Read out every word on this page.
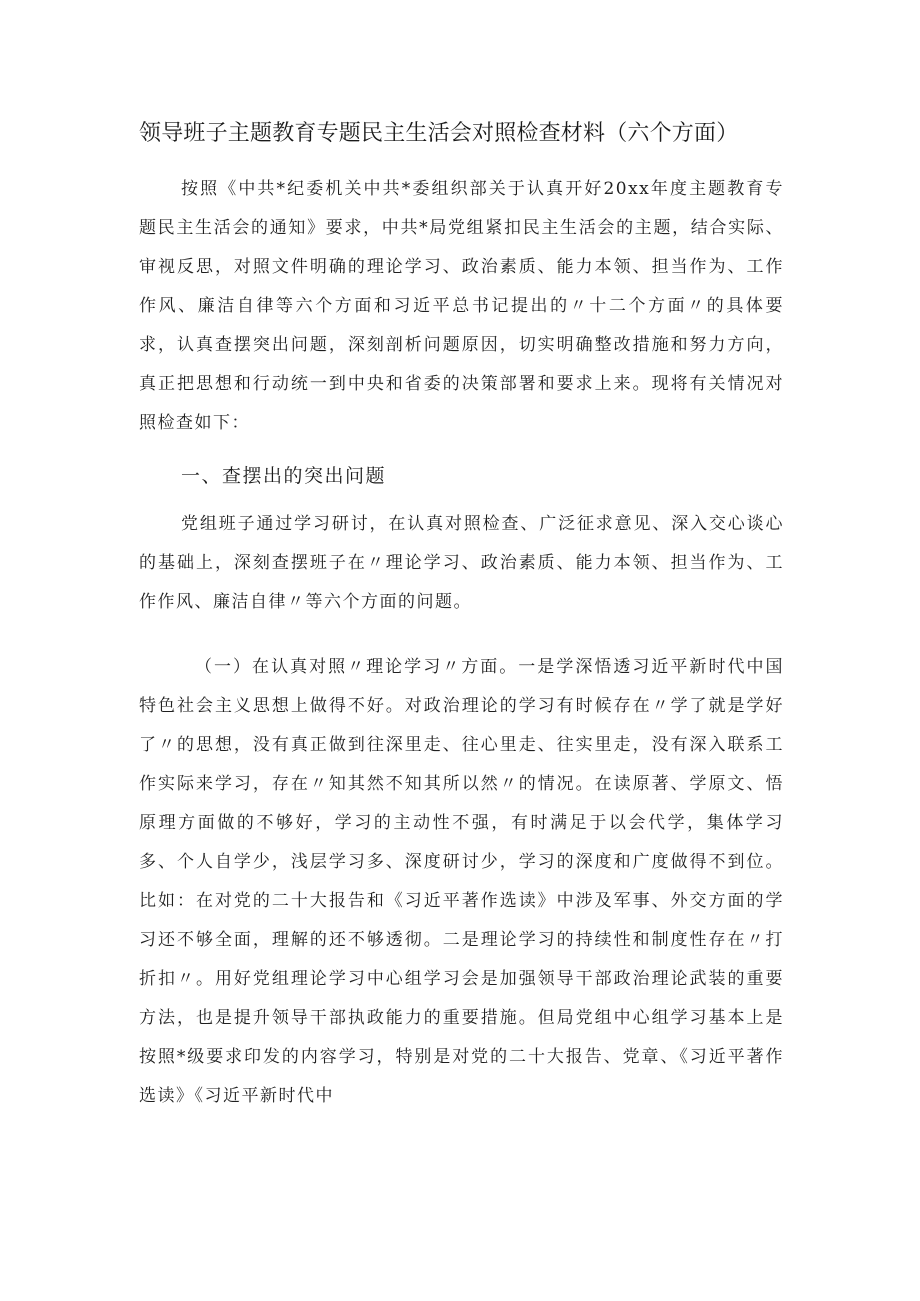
领导班子主题教育专题民主生活会对照检查材料（六个方面）

按照《中共*纪委机关中共*委组织部关于认真开好20xx年度主题教育专题民主生活会的通知》要求，中共*局党组紧扣民主生活会的主题，结合实际、审视反思，对照文件明确的理论学习、政治素质、能力本领、担当作为、工作作风、廉洁自律等六个方面和习近平总书记提出的〃十二个方面〃的具体要求，认真查摆突出问题，深刻剖析问题原因，切实明确整改措施和努力方向，真正把思想和行动统一到中央和省委的决策部署和要求上来。现将有关情况对照检查如下：

一、查摆出的突出问题

党组班子通过学习研讨，在认真对照检查、广泛征求意见、深入交心谈心的基础上，深刻查摆班子在〃理论学习、政治素质、能力本领、担当作为、工作作风、廉洁自律〃等六个方面的问题。

（一）在认真对照〃理论学习〃方面。一是学深悟透习近平新时代中国特色社会主义思想上做得不好。对政治理论的学习有时候存在〃学了就是学好了〃的思想，没有真正做到往深里走、往心里走、往实里走，没有深入联系工作实际来学习，存在〃知其然不知其所以然〃的情况。在读原著、学原文、悟原理方面做的不够好，学习的主动性不强，有时满足于以会代学，集体学习多、个人自学少，浅层学习多、深度研讨少，学习的深度和广度做得不到位。比如：在对党的二十大报告和《习近平著作选读》中涉及军事、外交方面的学习还不够全面，理解的还不够透彻。二是理论学习的持续性和制度性存在〃打折扣〃。用好党组理论学习中心组学习会是加强领导干部政治理论武装的重要方法，也是提升领导干部执政能力的重要措施。但局党组中心组学习基本上是按照*级要求印发的内容学习，特别是对党的二十大报告、党章、《习近平著作选读》《习近平新时代中
